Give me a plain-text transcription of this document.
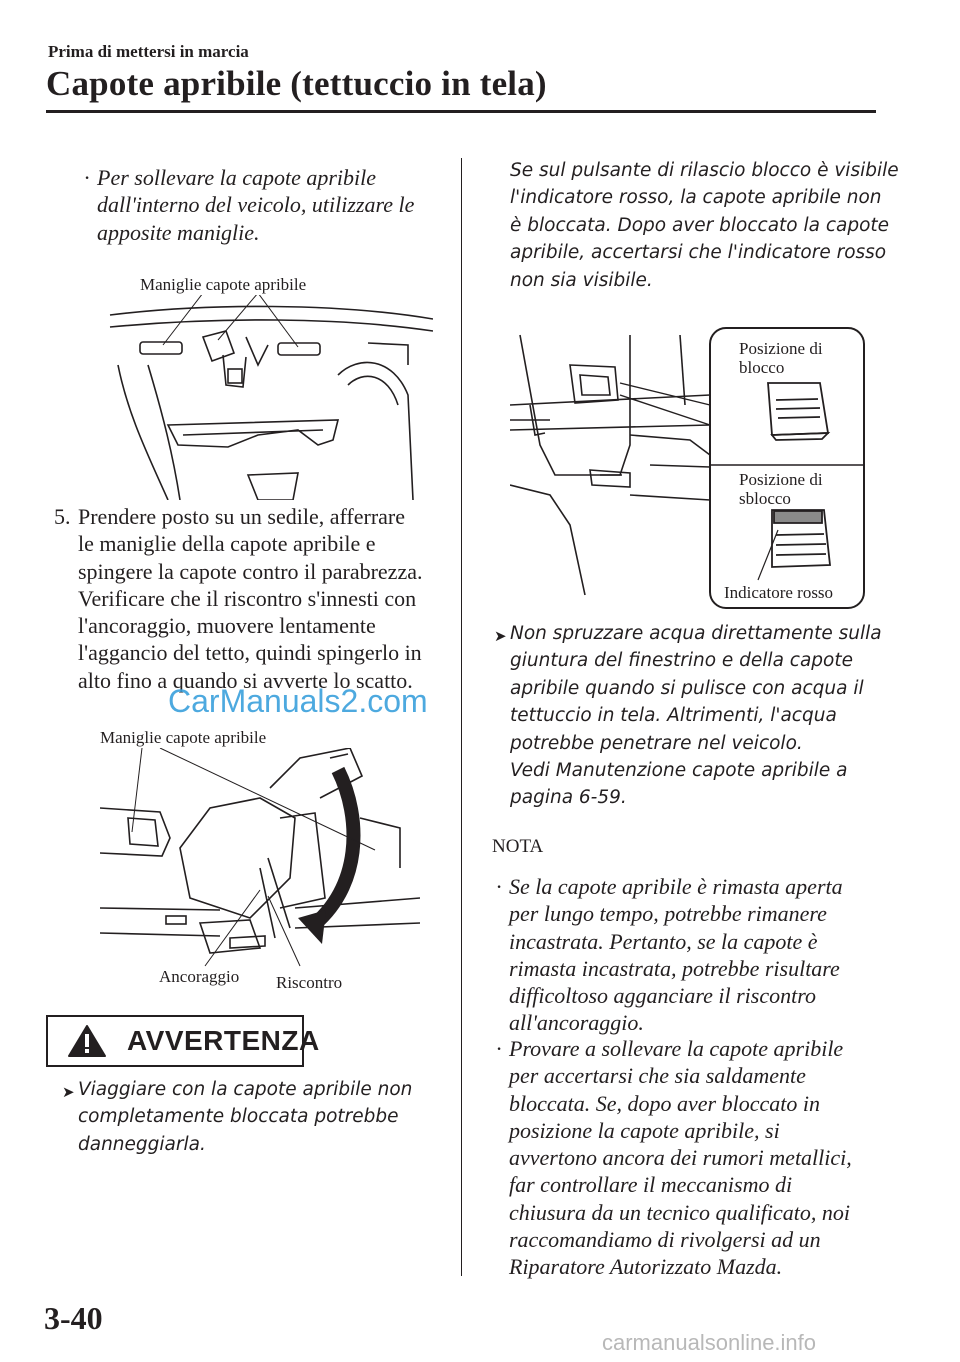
Prima di mettersi in marcia
Capote apribile (tettuccio in tela)
· Per sollevare la capote apribile
dall'interno del veicolo, utilizzare le
apposite maniglie.
Maniglie capote apribile
5. Prendere posto su un sedile, afferrare
le maniglie della capote apribile e
spingere la capote contro il parabrezza.
Verificare che il riscontro s'innesti con
l'ancoraggio, muovere lentamente
l'aggancio del tetto, quindi spingerlo in
alto fino a quando si avverte lo scatto.
CarManuals2.com
Maniglie capote apribile
Ancoraggio Riscontro
AVVERTENZA
➤ Viaggiare con la capote apribile non
completamente bloccata potrebbe
danneggiarla.
Se sul pulsante di rilascio blocco è visibile
l'indicatore rosso, la capote apribile non
è bloccata. Dopo aver bloccato la capote
apribile, accertarsi che l'indicatore rosso
non sia visibile.
Posizione di
blocco
Posizione di
sblocco
Indicatore rosso
➤ Non spruzzare acqua direttamente sulla
giuntura del finestrino e della capote
apribile quando si pulisce con acqua il
tettuccio in tela. Altrimenti, l'acqua
potrebbe penetrare nel veicolo.
Vedi Manutenzione capote apribile a
pagina 6-59.
NOTA
· Se la capote apribile è rimasta aperta
per lungo tempo, potrebbe rimanere
incastrata. Pertanto, se la capote è
rimasta incastrata, potrebbe risultare
difficoltoso agganciare il riscontro
all'ancoraggio.
· Provare a sollevare la capote apribile
per accertarsi che sia saldamente
bloccata. Se, dopo aver bloccato in
posizione la capote apribile, si
avvertono ancora dei rumori metallici,
far controllare il meccanismo di
chiusura da un tecnico qualificato, noi
raccomandiamo di rivolgersi ad un
Riparatore Autorizzato Mazda.
3-40
carmanualsonline.info
